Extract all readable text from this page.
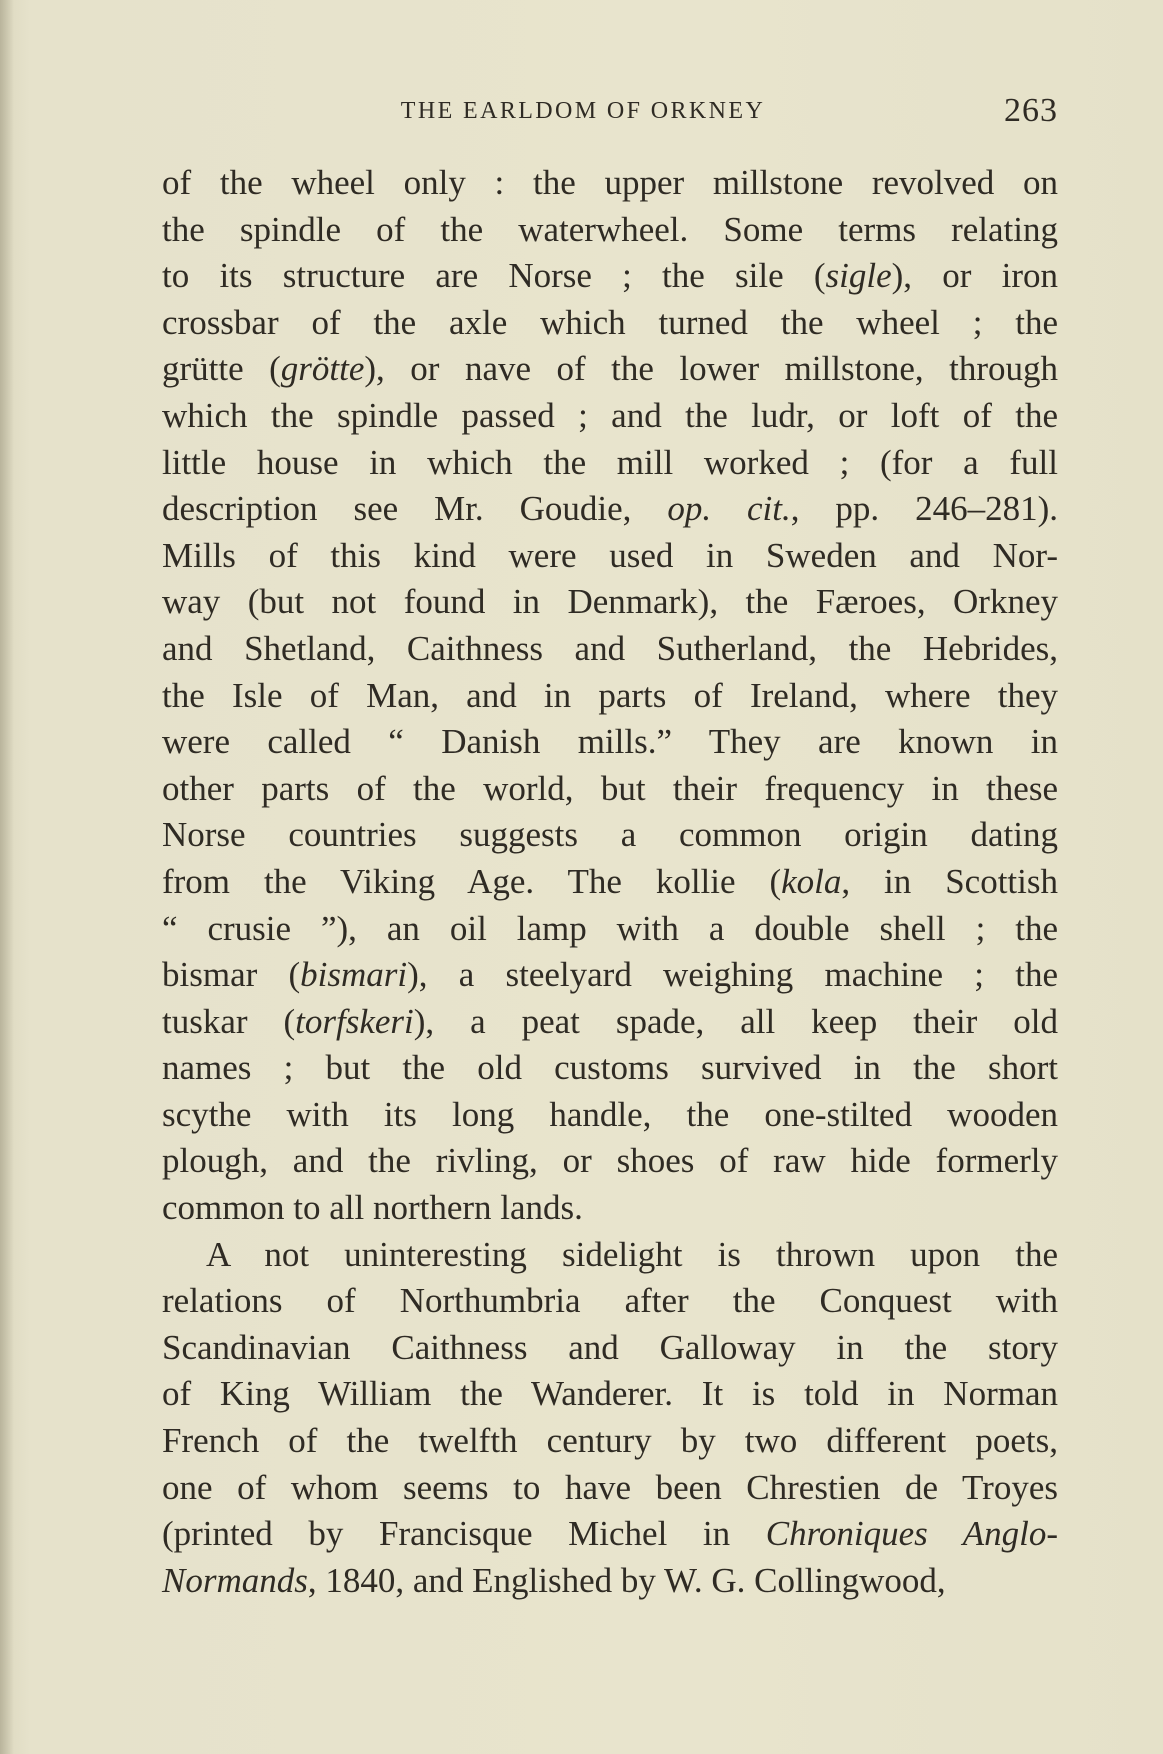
THE EARLDOM OF ORKNEY	263
of the wheel only : the upper millstone revolved on
the spindle of the waterwheel. Some terms relating
to its structure are Norse ; the sile (sigle), or iron
crossbar of the axle which turned the wheel ; the
grütte (grötte), or nave of the lower millstone, through
which the spindle passed ; and the ludr, or loft of the
little house in which the mill worked ; (for a full
description see Mr. Goudie, op. cit., pp. 246–281).
Mills of this kind were used in Sweden and Nor-
way (but not found in Denmark), the Færoes, Orkney
and Shetland, Caithness and Sutherland, the Hebrides,
the Isle of Man, and in parts of Ireland, where they
were called “ Danish mills.” They are known in
other parts of the world, but their frequency in these
Norse countries suggests a common origin dating
from the Viking Age. The kollie (kola, in Scottish
“ crusie ”), an oil lamp with a double shell ; the
bismar (bismari), a steelyard weighing machine ; the
tuskar (torfskeri), a peat spade, all keep their old
names ; but the old customs survived in the short
scythe with its long handle, the one-stilted wooden
plough, and the rivling, or shoes of raw hide formerly
common to all northern lands.
A not uninteresting sidelight is thrown upon the
relations of Northumbria after the Conquest with
Scandinavian Caithness and Galloway in the story
of King William the Wanderer. It is told in Norman
French of the twelfth century by two different poets,
one of whom seems to have been Chrestien de Troyes
(printed by Francisque Michel in Chroniques Anglo-
Normands, 1840, and Englished by W. G. Collingwood,
